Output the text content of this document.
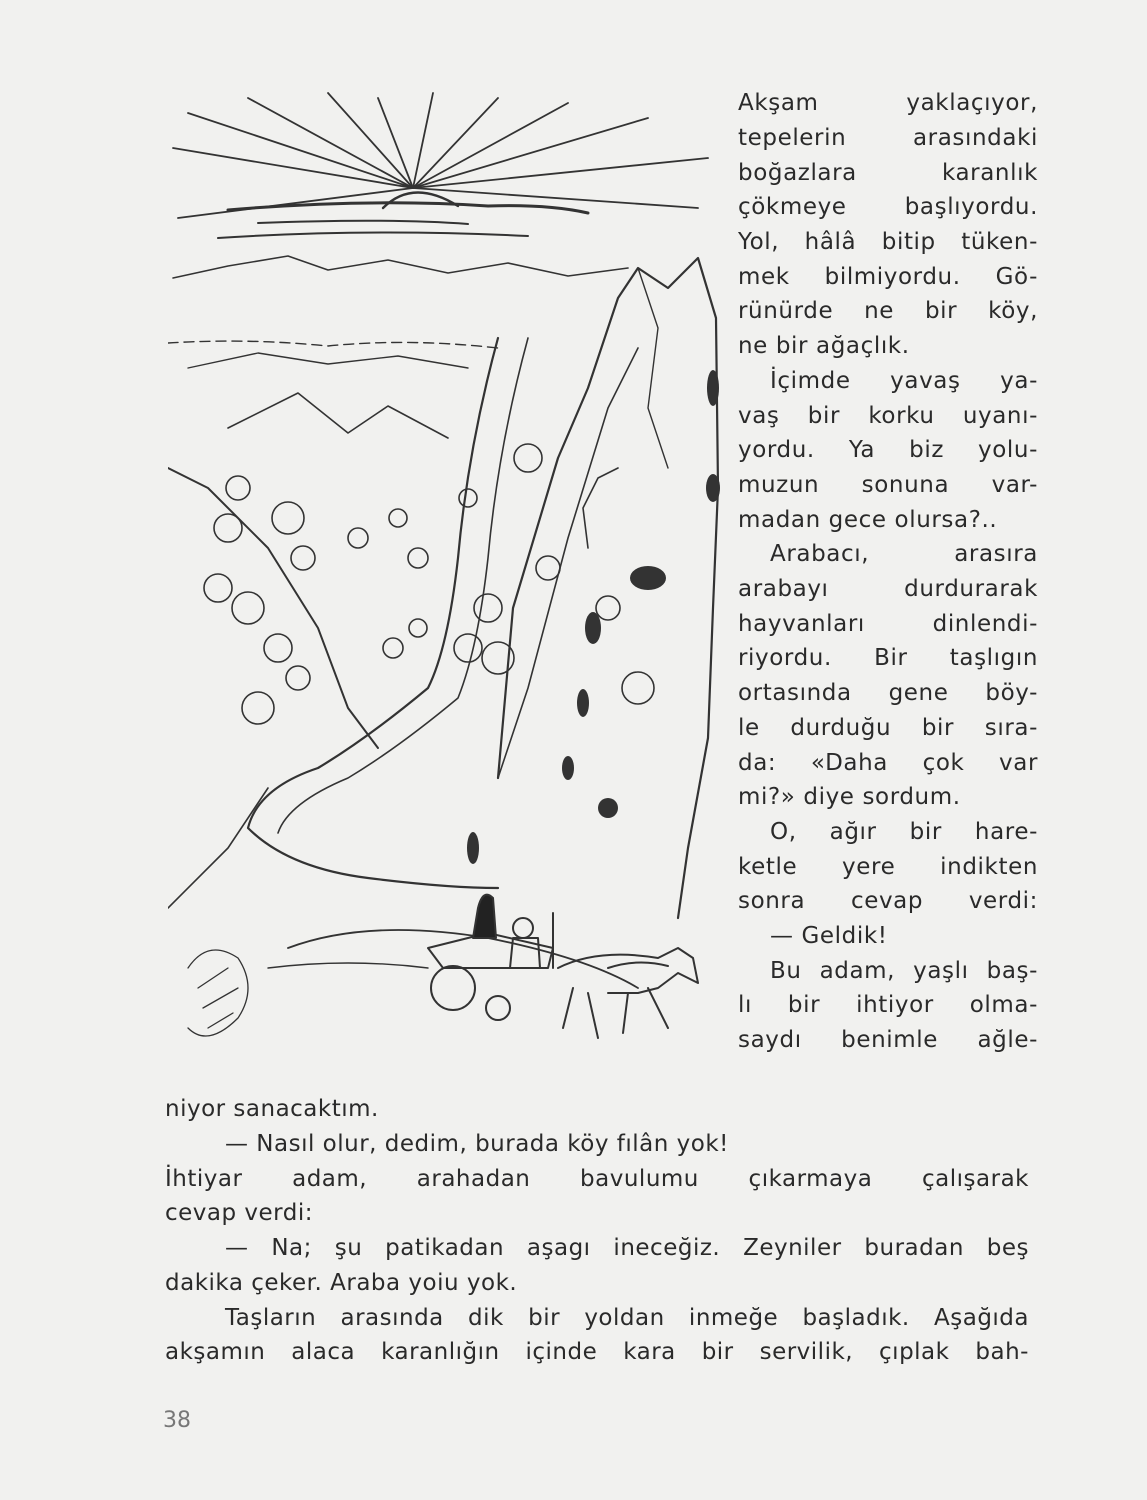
Akşam yaklaçıyor,
tepelerin arasındaki
boğazlara karanlık
çökmeye başlıyordu.
Yol, hâlâ bitip tüken-
mek bilmiyordu. Gö-
rünürde ne bir köy,
ne bir ağaçlık.
İçimde yavaş ya-
vaş bir korku uyanı-
yordu. Ya biz yolu-
muzun sonuna var-
madan gece olursa?..
Arabacı, arasıra
arabayı durdurarak
hayvanları dinlendi-
riyordu. Bir taşlıgın
ortasında gene böy-
le durduğu bir sıra-
da: «Daha çok var
mi?» diye sordum.
O, ağır bir hare-
ketle yere indikten
sonra cevap verdi:
— Geldik!
Bu adam, yaşlı baş-
lı bir ihtiyor olma-
saydı benimle ağle-
niyor sanacaktım.
— Nasıl olur, dedim, burada köy fılân yok!
İhtiyar adam, arahadan bavulumu çıkarmaya çalışarak
cevap verdi:
— Na; şu patikadan aşagı ineceğiz. Zeyniler buradan beş
dakika çeker. Araba yoiu yok.
Taşların arasında dik bir yoldan inmeğe başladık. Aşağıda
akşamın alaca karanlığın içinde kara bir servilik, çıplak bah-
38
